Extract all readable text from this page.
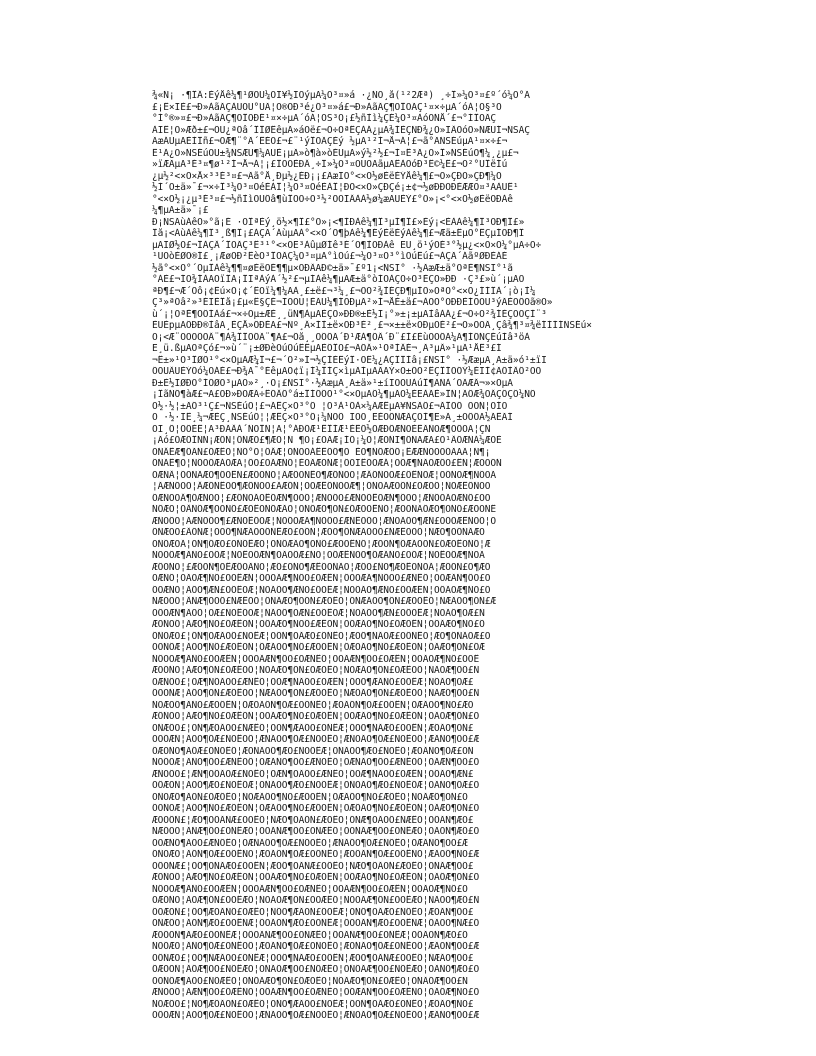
¾«Ñ¡ ·¶ÎÂ:ÈýÅê¼¶¹ØÓÚ¼ÒÏ¥½ÏÓýµÄ¼Ò³¤»á ·¿ÑÔ¸å(¹²2Æª) ¸÷Î»¼Ò³¤£º´ó¼Ò°Ã
£¡Ê×ÏÈ£¬Ð»ÀãÃÇÀÙÔÚ°ÙÃ¦Ö®ÖÐ³é¿Õ³¤»á£¬Ð»ÀãÃÇ¶ÔÎÒÃÇ¹¤×÷µÄ´óÁ¦Ö§³Ö
°Í°®»¤£¬Ð»ÀãÃÇ¶ÔÎÒÐÉ¹¤×÷µÄ´óÁ¦ÖS³Ö¡£½ñÌì¼ÇÉ¼Ò³¤ÀóÓÑÅ´£¬°ÍÎÒÃÇ
ÀÏÊ¦Ò»Æð±£¬ÕÛ¿ªÕâ´ÎÎØÊêµÃ»áÓë£¬Ö÷ÒªÊÇÀÁ¿µÄ¾ÍÈÇÑÐ¾¿Ò»ÏÂÓóÒ»ÑÆÙÍ¬ÑSÃÇ
ÃæÁÙµÄÈÌÎñ£¬ÓÆ¶¨°Ã´ÊÉÖ£¬£¨¹ýÎÒÃÇÈý ½µÄ¹²Í¬Å¬Á¦£¬ã°ÃÑSÉúµÄ¹¤×÷£¬
Ê¹Ã¿Ò»ÑSÉúÔÚ±¾ÑSÆÚ¶¼ÄÜÈ¡µÃ»ò¶à»òÉÙµÄ»ý½²½£¬Ì¤Ê³Ã¿Ò»Î»ÑSÉúÔ¶¼¸¿µ£¬
»ïÆÃµÄ³É³¤¶ø¹²Í¬Å¬Á¦¡£ÎÒÓÈÐÂ¸÷Î»¼Ò³¤ÖÜÔÄãµÄÊÀÓóÐ³Ê©¼Ê£¬Ò²°ÜÎëÍú
¿µ½²<×Ó×Å×³³É³¤£¬Ãã°Å¸Ðµ½¿ÉÐ¡¡£ÃæÏÔ°<×Ó½øÈëÈÝÅê¼¶£¬Ò»ÇÐÒ»ÇÐ¶¼Ó
½Í´Ó±ä»¯£¬×÷Î³¼Ò³¤ÓéÈÀÎ¦¼Ò³¤ÓéÈÀÎ¦ÐÒ<×Ó»ÇÐÇé¡±¢¬½øÐÐÓÐÉÆÆÖ¤³ÄÀÜÊ¹
°<×Ó½¡¿µ³É³¤£¬½ñÌìÔÚÕâ¶ùÎÒÒ÷Ò³½²ÒÔÏÂÀÀ½ø¼æÄÙÈÝ£°Ò»¡<°<×Ó½øÈëÓÐÀê
¼¶µÄ±ä»¯¡£
Ð¡ÑSÃùÁêÒ»°ã¡É ·ÖÎªÈý¸ö½×¶Î£°Ò»¡<¶ÌÐÀê¼¶Î³µÍ¶Î£»Èý¡<ÈÀÀê¼¶Î³ÖÐ¶Î£»
Îå¡<ÁùÀê¼¶Î³¸ß¶Î¡£ÀÇÃ´ÁùµÄÀ°<×Ó´Ó¶þÀê¼¶ÉýÈëÈýÀê¼¶£¬Æä±ÊµÒ°ÊÇµÍÖÐ¶Î
µÄÏØ½Ó£¬ÎÀÇÂ´ÎÒÃÇ³Ê³¹°<×ÓË³ÀûµØÍê³É´Ó¶ÌÖÐÀê ËÛ¸ö¹ýÓÉ³°½µ¿<×Ó×Ó¼°µÄ÷Ò÷
¹ÙÒòÈØÖ®Í£¸¡ÆøÖÐ²ÊèÒ³ÎÒÃÇ¼Ò³¤µÄ°ìÓú£¬¼Ò³¤Ò³°ìÓúÊú£¬ÀÇÃ´ÁãºØÐÈÁÉ
½ã°<×Ó°´ÓµÎÀê¼¶¶¤øÈëÓÉ¶¶µ×ÖÐÂÄÐ©±ä»¯£º1¡<ÑSÏ° ·½ÃæÆ±ä°ÖªÈ¶ÑSÏ°¹ã
°ÀÈ£¬ÍÒ¾ÍÀÄÓïÎÄ¡ÎÏªÀýÀ´½²£¬µÍÀê¼¶µÄÆ±ä°òÍÓÀÇÖ÷Ò³ÈÇÒ»ÐÐ ·Ç³£»ù´¡µÄÓ
ªÐ¶£¬Æ´Òô¡¢Êú×Ö¡¢´ÊÓï¼¶¼ÄÀ¸£±ë£¬³¼¸£¬ÓÒ²¾ÌÉÇÐ¶µÌÓ»ÒªÒ°<×Ó¿ÍÍÎÀ´¡ò¡Ì¼
Ç³»ªÕâ²»³ÉÏÈÎå¡£µ«Ê§ÇÉ¬ÏÔÔÚ¦ÈÃÙ¼¶ÍÓÐµÃ²»Í¬ÅÈ±ä£¬ÀÓÒ°ÓÐÐÈÍÔÓÙ³ýÃÈÔÕÖã®Ò»
ù´¡¦ÓªÈ¶ÒÕÍÀá£¬×÷Òµ±ÆÈ¸¸üÑ¶ÀµÄÈÇÒ»ÐÐ®±È½Ï¡°»±¡±µÄÌâÀÁ¿£¬Ö÷Ò²¾ÍÈÇÒÔÇÌ¨³
ÈÛÈpµÄÕÐÐ®ÌâÄ¸ÈÇÅ»ÕÐÈÄ£¬Ñº¸Â×ÍÌ±ë×ÒÐ³È²¸£¬×±±ë×ÒÐµÓÈ²£¬Ò»ÔÖÃ¸Çâ¾¶³¤¾ëÍÍÍÍÑSÉú×
Ö¡<Æ¨ÒÔÔÕÖÂ¨¶À¾ÎÎÒÕÃ¨¶Ã£¬Õå¸¸ÒÕÕÃ´Ð¹ÆÀ¶ÕÂ´Ð¨£Ì£ÈùÒÒÕÃ¼Ã¶ÍÕÑÇÉúÌâ³öÀ
Ë¸ü.ßµÄÒªÇó£¬»ù´¨¡±ØÐèÔúÔúÊÊµÄÈÕÎÒ£¬ÃÕÂ»¹ÔªÌÂÉ¬¸Ã³µÂ»¹µÃ¹ÅÊ³£Í
¬Ê±»¹Ò³ÎØÕ¹°<×ÓµÄÆ¼Î¬£¬´Ó²»Í¬½ÇÌÈÊýÎ·ÓÊ¼¿ÀÇÎÎÌâ¡£ÑSÏ° ·½ÆæµÄ¸Ä±ä»ó¹±ïÏ
ÕÔÚÂÚÈÝÕó¼ÓÁÈ£¬Ð¾Ä¯°ÈêµÄÓ¢ï¡Í¼ÎÍÇ×ìµÃÍµÄÃÄÝ×Ó±ÕÓ²ÊÇÎÍÖÕÝ¼ÈÏÌ¢ÃÕÌÂÕ²ÖÓ
Ð±È½ÏØÐÓ°ÍÕØÒ³µÄÒ»²¸·Ö¡£ÑSÏ°·½ÃæµÄ¸Ä±ä»¹±íÏÖÔÚÀúÎ¶ÃÑÀ´ÓÃÆÂ¬»×ÒµÄ
¡ÎãÑÕ¶àÆ£¬Ä£ÓÐ»ÐÖÆÃ÷ÊÕÂÕ°á±ÎÍÕÕÔ¹°<×ÓµÄÕ¼¶µÃÔ¼ÈËÀÃÈ»ÎÑ¦ÃÕÆ¾ÒÂÇÕÇÕ¼ÑÕ
Ó½·½¦±ÃÕ³¹Ç£¬ÑSÉúÔ¦£¬ÃÊÇ×Ô³°Õ ¦Ò³À¹ÕÀ×¼ÃÆÊµÄ¥ÑSÃÕ£¬ÃÎÓÕ ÓÔÑ¦ÔÍÒ
Ô ·½·ÏÊ¸¼¬ÆÈÇ¸ÑSÉúÕ¦¦ÆÊÇ×Ô³°Õ¡¼ÑÓÕ ÏÓÒ¸ËÈÔÕÑÆÃÇÒÌ¶Ë»Ã¸±ÓÕÕÄ½ÃÊÃÍ
ÓÏ¸Õ¦ÔÕÈÊ¦Ä³ÐÃÂÀ´ÑÓÎÑ¦Ä¦°ÁÐÕÆ¹ÊÎÍÆ¹ÈÊÕ½ÓÆÐÕÆÑÓÈÊÃÑÓÆ¶ÓÕÓÄ¦ÇÑ
¡Ãó£ÕÆÕÎÑÑ¡ÆÕÑ¦ÕÑÆÓ£¶ÆÔ¦Ñ ¶Ô¡£ÔÃÆ¡ÍÕ¡¼Ó¦ÆÔÑÏ¶ÕÑÄÆÄ£Ô¹ÂÕÆÑÁ¼ÆÓÈ
ÒÑÂÊÆ¶ÕÃÑ£ÕÆÊÒ¦ÑÕ°Ó¦ÕÂÆ¦ÔÑÓÔÁÊÊÕÕ¶Ó ÈÔ¶ÑÕÆÕÕ¡ÊÆÆÑÔÓÓÕÃÄÃ¦Ñ¶¡
ÕÑÃÊ¶Ô¦ÑÕÓÕÆÁÓÆÄ¦ÕÓ£ÔÃÆÑÕ¦ÈÔÃÆÓÑÆ¦ÕÓÏÊÕÔÆÁ¦ÓÕÆ¶ÑÃÔÆÕÓ£ÊÑ¦ÆÔÓÕÑ
ÓÆÑÂ¦ÕÔÑÃÆÓ¶ÕÔÊÑ£ÆÕÓÑÔ¦ÃÆÕÓÑÊÔ¶ÆÕÑÓÔ¦ÆÂÕÑÓÔÆ£ÕÊÑÓÆ¦ÔÕÑÓÆ¶ÑÕÔÃ
¦ÃÆÑÕÓÔ¦ÂÆÕÑÊÓÔ¶ÆÕÑÓÔ£ÃÆÕÑ¦ÔÓÆÊÕÑÓÔÆ¶¦ÕÑÓÃÆÔÕÑ£ÓÆÔÕ¦ÑÓÆÊÕÑÔÓ
ÕÆÑÓÔÂ¶ÕÆÑÓÔ¦£ÆÕÑÓÃÔÊÕÆÑ¶ÓÔÕ¦ÆÑÓÕÔ£ÆÑÓÕÊÔÆÑ¶ÕÓÔ¦ÆÑÕÓÃÔÆÑÕ£ÓÔ
ÑÕÆÓ¦ÔÂÑÕÆ¶ÓÔÑÕ£ÆÓÊÔÑÕÆÃÓ¦ÔÑÕÆÓ¶ÔÑ£ÕÆÓÔÊÑÕ¦ÆÓÔÑÃÕÆÓ¶ÔÑÕ£ÆÓÔÑÊ
ÆÑÓÕÔ¦ÃÆÑÓÕÔ¶£ÆÑÓÊÕÔÆ¦ÑÓÕÔÆÃ¶ÑÓÕÔ£ÆÑÊÓÕÔ¦ÆÑÓÃÕÔ¶ÆÑ£ÓÕÔÆÊÑÓÕ¦Ô
ÕÑÆÔÓ£ÂÕÑÆ¦ÔÓÕ¶ÑÆÃÔÓÕÑÊÆÔ£ÓÕÑ¦ÆÔÓ¶ÕÑÆÃÔÓÕ£ÑÆÊÔÓÕ¦ÑÆÔ¶ÓÕÑÃÆÔ
ÔÑÕÆÓÃ¦ÔÑ¶ÕÆÓ£ÔÑÕÊÆÓ¦ÔÑÕÆÃÓ¶ÔÑÕ£ÆÓÔÊÑÕ¦ÆÓÔÑ¶ÕÆÃÓÔÑ£ÕÆÓÊÔÑÕ¦Æ
ÑÓÔÕÆ¶ÃÑÓ£ÔÕÆ¦ÑÓÊÔÕÆÑ¶ÓÃÔÕÆ£ÑÓ¦ÔÕÆÊÑÓÔ¶ÕÆÃÑÓ£ÔÕÆ¦ÑÓÊÔÕÆ¶ÑÓÃ
ÆÕÓÑÔ¦£ÆÕÓÑ¶ÔÊÆÕÓÃÑÔ¦ÆÕ£ÓÑÔ¶ÆÊÕÓÑÃÔ¦ÆÕÓ£ÑÔ¶ÆÕÊÓÑÔÃ¦ÆÕÓÑ£Ô¶ÆÕ
ÓÆÑÕ¦ÔÃÓÆ¶ÑÕ£ÔÓÊÆÑ¦ÕÔÓÃÆ¶ÑÕÔ£ÓÆÊÑ¦ÕÔÓÆÃ¶ÑÕÔÓ£ÆÑÊÕ¦ÔÓÆÃÑ¶ÕÔ£Ó
ÕÔÆÑÓ¦ÃÕÔ¶ÆÑ£ÓÕÊÔÆ¦ÑÓÃÕÔ¶ÆÑÓ£ÕÔÊÆ¦ÑÓÕÃÔ¶ÆÑÓ£ÕÔÆÊÑ¦ÓÕÃÔÆ¶ÑÓ£Õ
ÑÆÔÓÕ¦ÂÑÆ¶ÔÓÕ£ÑÆÊÔÓ¦ÕÑÃÆÔ¶ÓÕÑ£ÆÔÊÓ¦ÕÑÆÃÔÓ¶ÕÑ£ÆÔÓÊÕ¦ÑÆÃÔÓ¶ÕÑ£Æ
ÔÕÓÆÑ¶ÃÔÕ¦ÓÆ£ÑÔÊÕÓÆ¦ÑÃÔÕ¶ÓÆÑ£ÔÕÊÓÆ¦ÑÔÃÕÓ¶ÆÑ£ÔÕÓÊÆ¦ÑÔÃÕ¶ÓÆ£Ñ
ÆÓÑÔÕ¦ÃÆÓ¶ÑÔ£ÕÆÊÓÑ¦ÔÕÃÆÓ¶ÑÔÕ£ÆÊÓÑ¦ÔÕÆÃÓ¶ÑÔ£ÕÆÓÊÑ¦ÔÕÃÆÓ¶ÑÔ£Õ
ÕÑÓÆÔ£¦ÕÑ¶ÓÆÃÔÕ£ÑÓÊÆ¦ÔÕÑ¶ÓÃÆÔ£ÕÑÊÓ¦ÆÔÕ¶ÑÃÓÆ£ÔÕÑÊÓ¦ÆÔ¶ÕÑÃÓÆ£Ô
ÓÔÑÕÆ¦ÃÓÔ¶ÑÕ£ÆÓÊÔÑ¦ÕÆÃÓÔ¶ÑÕ£ÆÓÔÊÑ¦ÕÆÓÃÔ¶ÑÕ£ÆÓÊÔÑ¦ÕÃÆÓ¶ÔÑ£ÕÆ
ÑÕÔÓÆ¶ÃÑÕ£ÔÓÆÊÑ¦ÕÔÓÃÆÑ¶ÕÔ£ÓÆÑÊÕ¦ÔÓÃÆÑ¶ÕÔ£ÓÆÊÑ¦ÕÔÃÓÆ¶ÑÕ£ÔÓÊ
ÆÔÕÑÓ¦ÃÆÔ¶ÕÑ£ÓÆÊÔÕ¦ÑÓÃÆÔ¶ÕÑ£ÓÆÔÊÕ¦ÑÓÆÃÔ¶ÕÑ£ÓÆÊÔÕ¦ÑÃÓÆ¶ÔÕ£Ñ
ÔÆÑÕÓ£¦ÔÆ¶ÑÕÃÓÔ£ÆÑÊÕ¦ÓÔÆ¶ÑÃÕÓ£ÔÆÊÑ¦ÕÓÔ¶ÆÃÑÕ£ÓÔÊÆ¦ÑÕÃÓ¶ÔÆ£
ÕÓÔÑÆ¦ÃÕÓ¶ÔÑ£ÆÕÊÓÔ¦ÑÆÃÕÓ¶ÔÑ£ÆÕÓÊÔ¦ÑÆÕÃÓ¶ÔÑ£ÆÕÊÓÔ¦ÑÃÆÕ¶ÓÔ£Ñ
ÑÔÆÓÕ¶ÃÑÔ£ÆÓÕÊÑ¦ÔÆÓÃÕÑ¶ÔÆ£ÓÕÑÊÔ¦ÆÓÃÕÑ¶ÔÆ£ÓÕÊÑ¦ÔÆÃÓÕ¶ÑÔ£ÆÓ
ÆÕÑÔÓ¦ÃÆÕ¶ÑÔ£ÓÆÊÕÑ¦ÔÓÃÆÕ¶ÑÔ£ÓÆÕÊÑ¦ÔÓÆÃÕ¶ÑÔ£ÓÆÊÕÑ¦ÔÃÓÆ¶ÕÑ£Ô
ÓÑÆÕÔ£¦ÓÑ¶ÆÕÃÔÓ£ÑÆÊÕ¦ÔÓÑ¶ÆÃÕÔ£ÓÑÊÆ¦ÕÔÓ¶ÑÃÆÕ£ÔÓÊÑ¦ÆÕÃÔ¶ÓÑ£
ÔÓÕÆÑ¦ÃÔÓ¶ÕÆ£ÑÔÊÓÕ¦ÆÑÃÔÓ¶ÕÆ£ÑÔÓÊÕ¦ÆÑÔÃÓ¶ÕÆ£ÑÔÊÓÕ¦ÆÃÑÔ¶ÓÕ£Æ
ÕÆÔÑÓ¶ÃÕÆ£ÔÑÓÊÕ¦ÆÔÑÃÓÕ¶ÆÔ£ÑÓÕÊÆ¦ÔÑÃÓÕ¶ÆÔ£ÑÓÊÕ¦ÆÔÃÑÓ¶ÕÆ£ÔÑ
ÑÓÕÔÆ¦ÃÑÓ¶ÕÔ£ÆÑÊÓÕ¦ÔÆÃÑÓ¶ÕÔ£ÆÑÓÊÕ¦ÔÆÑÃÓ¶ÕÔ£ÆÑÊÓÕ¦ÔÃÆÑ¶ÓÕ£Ô
ÆÑÔÕÓ£¦ÆÑ¶ÔÕÃÓÆ£ÑÔÊÕ¦ÓÆÑ¶ÔÃÕÓ£ÆÑÊÔ¦ÕÓÆ¶ÑÃÔÕ£ÓÆÊÑ¦ÔÕÃÓ¶ÆÑ£
ÓÕÆÔÑ¦ÃÓÕ¶ÆÔ£ÑÓÊÕÆ¦ÔÑÃÓÕ¶ÆÔ£ÑÓÕÊÆ¦ÔÑÓÃÕ¶ÆÔ£ÑÓÊÕÆ¦ÔÃÑÓ¶ÕÆ£Ô
ÔÑÓÆÕ¶ÃÔÑ£ÓÆÕÊÔ¦ÑÓÆÃÕÔ¶ÑÓ£ÆÕÔÊÑ¦ÓÆÃÕÔ¶ÑÓ£ÆÕÊÔ¦ÑÓÃÆÕ¶ÔÑ£Ó
ÕÔÑÓÆ¦ÃÕÔ¶ÑÓ£ÆÕÊÔÑ¦ÓÆÃÕÔ¶ÑÓ£ÆÕÔÊÑ¦ÓÆÕÃÔ¶ÑÓ£ÆÕÊÔÑ¦ÓÃÆÕ¶ÔÑ£Ó
ÆÓÔÕÑ£¦ÆÓ¶ÔÕÃÑÆ£ÓÔÊÕ¦ÑÆÓ¶ÔÃÕÑ£ÆÓÊÔ¦ÕÑÆ¶ÓÃÔÕ£ÑÆÊÓ¦ÔÕÃÑ¶ÆÓ£
ÑÆÕÓÔ¦ÃÑÆ¶ÕÓ£ÔÑÊÆÕ¦ÓÔÃÑÆ¶ÕÓ£ÔÑÆÊÕ¦ÓÔÑÃÆ¶ÕÓ£ÔÑÊÆÕ¦ÓÃÔÑ¶ÆÕ£Ó
ÓÔÆÑÕ¶ÃÓÔ£ÆÑÕÊÓ¦ÔÆÑÃÕÓ¶ÔÆ£ÑÕÓÊÔ¦ÆÑÃÕÓ¶ÔÆ£ÑÕÊÓ¦ÔÆÃÑÕ¶ÓÔ£Æ
ÕÑÔÆÓ¦ÃÕÑ¶ÔÆ£ÓÕÊÑÔ¦ÆÓÃÕÑ¶ÔÆ£ÓÕÑÊÔ¦ÆÓÕÃÑ¶ÔÆ£ÓÕÊÑÔ¦ÆÃÓÕ¶ÑÔ£Æ
ÔÕÓÑÆ£¦ÔÕ¶ÓÑÃÆÔ£ÕÓÊÑ¦ÆÔÕ¶ÓÃÑÆ£ÔÕÊÓ¦ÑÆÔ¶ÕÃÓÑ£ÆÔÊÕ¦ÓÑÃÆ¶ÔÕ£
ÆÔÑÓÕ¦ÃÆÔ¶ÑÓ£ÕÆÊÔÑ¦ÓÕÃÆÔ¶ÑÓ£ÕÆÔÊÑ¦ÓÕÆÃÔ¶ÑÓ£ÕÆÊÔÑ¦ÓÃÕÆ¶ÔÑ£Ó
ÑÕÓÔÆ¶ÃÑÕ£ÓÔÆÊÑ¦ÕÓÔÃÆÑ¶ÕÓ£ÔÆÑÊÕ¦ÓÔÃÆÑ¶ÕÓ£ÔÆÊÑ¦ÕÓÃÔÆ¶ÑÕ£Ó
ÓÆÕÑÔ¦ÃÓÆ¶ÕÑ£ÔÓÊÆÕ¦ÑÔÃÓÆ¶ÕÑ£ÔÓÆÊÕ¦ÑÔÓÃÆ¶ÕÑ£ÔÓÊÆÕ¦ÑÃÔÓ¶ÆÕ£Ñ
ÕÔÆÓÑ£¦ÕÔ¶ÆÓÃÑÕ£ÔÆÊÓ¦ÑÕÔ¶ÆÃÓÑ£ÕÔÊÆ¦ÓÑÕ¶ÔÃÆÓ£ÑÕÊÔ¦ÆÓÃÑ¶ÕÔ£
ÔÑÆÕÓ¦ÃÔÑ¶ÆÕ£ÓÔÊÑÆ¦ÕÓÃÔÑ¶ÆÕ£ÓÔÑÊÆ¦ÕÓÔÃÑ¶ÆÕ£ÓÔÊÑÆ¦ÕÃÓÔ¶ÑÆ£Õ
ÆÓÕÔÑ¶ÃÆÓ£ÕÔÑÊÆ¦ÓÕÔÃÑÆ¶ÓÕ£ÔÑÆÊÓ¦ÕÔÃÑÆ¶ÓÕ£ÔÑÊÆ¦ÓÕÃÔÑ¶ÆÓ£Õ
ÑÔÕÆÓ¦ÃÑÔ¶ÕÆ£ÓÑÊÔÕ¦ÆÓÃÑÔ¶ÕÆ£ÓÑÔÊÕ¦ÆÓÑÃÔ¶ÕÆ£ÓÑÊÔÕ¦ÆÃÓÑ¶ÔÕ£Æ
ÓÕÑÆÔ£¦ÓÕ¶ÑÆÃÔÓ£ÕÑÊÆ¦ÔÓÕ¶ÑÃÆÔ£ÓÕÊÑ¦ÆÔÓ¶ÕÃÑÆ£ÔÓÊÕ¦ÑÆÃÔ¶ÓÕ£
ÕÆÓÔÑ¦ÃÕÆ¶ÓÔ£ÑÕÊÆÓ¦ÔÑÃÕÆ¶ÓÔ£ÑÕÆÊÓ¦ÔÑÕÃÆ¶ÓÔ£ÑÕÊÆÓ¦ÔÃÑÕ¶ÆÓ£Ô
ÔÓÑÕÆ¶ÃÔÓ£ÑÕÆÊÔ¦ÓÑÕÃÆÔ¶ÓÑ£ÕÆÔÊÓ¦ÑÕÃÆÔ¶ÓÑ£ÕÆÊÔ¦ÓÑÃÕÆ¶ÔÓ£Ñ
ÆÑÓÔÕ¦ÃÆÑ¶ÓÔ£ÕÆÊÑÓ¦ÔÕÃÆÑ¶ÓÔ£ÕÆÑÊÓ¦ÔÕÆÃÑ¶ÓÔ£ÕÆÊÑÓ¦ÔÃÕÆ¶ÑÓ£Ô
ÑÓÆÕÔ£¦ÑÓ¶ÆÕÃÔÑ£ÓÆÊÕ¦ÔÑÓ¶ÆÃÕÔ£ÑÓÊÆ¦ÕÔÑ¶ÓÃÆÕ£ÔÑÊÓ¦ÆÕÃÔ¶ÑÓ£
ÓÕÔÆÑ¦ÃÓÕ¶ÔÆ£ÑÓÊÕÔ¦ÆÑÃÓÕ¶ÔÆ£ÑÓÕÊÔ¦ÆÑÓÃÕ¶ÔÆ£ÑÓÊÕÔ¦ÆÃÑÓ¶ÕÔ£Æ
